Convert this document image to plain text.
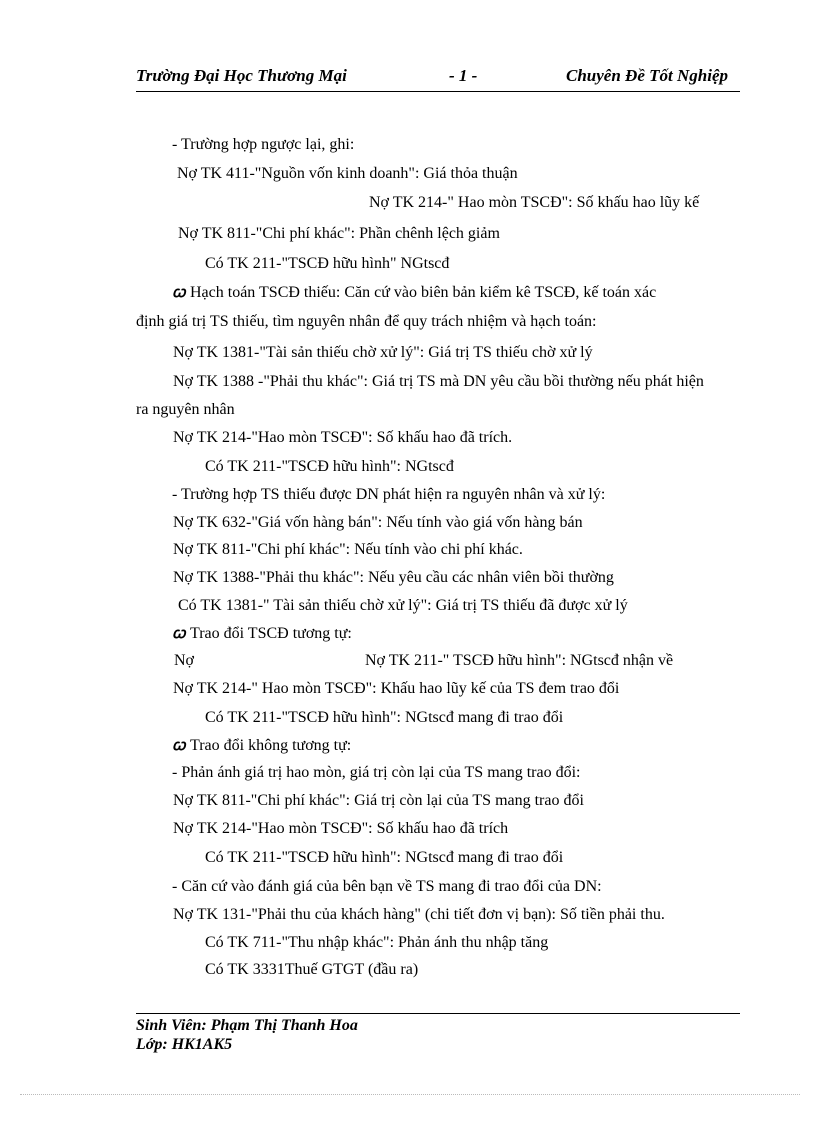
Trường Đại Học Thương Mại	- 1 -	Chuyên Đề Tốt Nghiệp
- Trường hợp ngược lại, ghi:
Nợ TK 411-"Nguồn vốn kinh doanh": Giá thỏa thuận
Nợ TK 214-" Hao mòn TSCĐ": Số khấu hao lũy kế
Nợ TK 811-"Chi phí khác": Phần chênh lệch giảm
Có TK 211-"TSCĐ hữu hình" NGtscđ
ꞷ Hạch toán TSCĐ thiếu: Căn cứ vào biên bản kiểm kê TSCĐ, kế toán xác
định giá trị TS thiếu, tìm nguyên nhân để quy trách nhiệm và hạch toán:
Nợ TK 1381-"Tài sản thiếu chờ xử lý": Giá trị TS thiếu chờ xử lý
Nợ TK 1388 -"Phải thu khác": Giá trị TS mà DN yêu cầu bồi thường nếu phát hiện
ra nguyên nhân
Nợ TK 214-"Hao mòn TSCĐ": Số khấu hao đã trích.
Có TK 211-"TSCĐ hữu hình": NGtscđ
- Trường hợp TS thiếu được DN phát hiện ra nguyên nhân và xử lý:
Nợ TK 632-"Giá vốn hàng bán": Nếu tính vào giá vốn hàng bán
Nợ TK 811-"Chi phí khác": Nếu tính vào chi phí khác.
Nợ TK 1388-"Phải thu khác": Nếu yêu cầu các nhân viên bồi thường
Có TK 1381-" Tài sản thiếu chờ xử lý": Giá trị TS thiếu đã được xử lý
ꞷ Trao đổi TSCĐ tương tự:
Nợ	Nợ TK 211-" TSCĐ hữu hình": NGtscđ nhận về
Nợ TK 214-" Hao mòn TSCĐ": Khấu hao lũy kế của TS đem trao đổi
Có TK 211-"TSCĐ hữu hình": NGtscđ mang đi trao đổi
ꞷ Trao đổi không tương tự:
- Phản ánh giá trị hao mòn, giá trị còn lại của TS mang trao đổi:
Nợ TK 811-"Chi phí khác": Giá trị còn lại của TS mang trao đổi
Nợ TK 214-"Hao mòn TSCĐ": Số khấu hao đã trích
Có TK 211-"TSCĐ hữu hình": NGtscđ mang đi trao đổi
- Căn cứ vào đánh giá của bên bạn về TS mang đi trao đổi của DN:
Nợ TK 131-"Phải thu của khách hàng" (chi tiết đơn vị bạn): Số tiền phải thu.
Có TK 711-"Thu nhập khác": Phản ánh thu nhập tăng
Có TK 3331Thuế GTGT (đầu ra)
Sinh Viên: Phạm Thị Thanh Hoa
Lớp: HK1AK5
